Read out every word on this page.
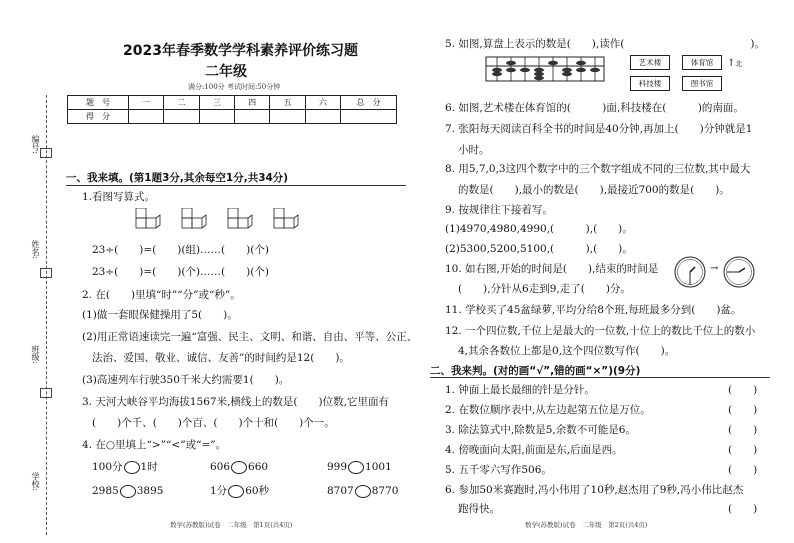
编号:
姓名:
班级:
学校:
2023年春季数学学科素养评价练习题
二年级
满分:100分 考试时间:50分钟
题　号	一	二	三	四	五	六	总　分
得　分							
一、我来填。(第1题3分,其余每空1分,共34分)
1.看图写算式。
23÷(　　)=(　　)(组)……(　　)(个)
23÷(　　)=(　　)(个)……(　　)(个)
2. 在(　　)里填“时”“分”或“秒”。
(1)做一套眼保健操用了5(　　)。
(2)用正常语速读完一遍“富强、民主、文明、和谐、自由、平等、公正、
法治、爱国、敬业、诚信、友善”的时间约是12(　　)。
(3)高速列车行驶350千米大约需要1(　　)。
3. 天河大峡谷平均海拔1567米,横线上的数是(　　)位数,它里面有
(　　)个千、(　　)个百、(　　)个十和(　　)个一。
4. 在○里填上“>”“<”或“=”。
100分 1时	606 660	999 1001
2985 3895	1分 60秒	8707 8770
数学(苏教版)试卷　二年级　第1页(共4页)
5. 如图,算盘上表示的数是(　　),读作(　　　　　　　　　　　　)。
艺术楼	体育馆
科技楼	图书馆
↑北
6. 如图,艺术楼在体育馆的(　　　)面,科技楼在(　　　)的南面。
7. 张阳每天阅读百科全书的时间是40分钟,再加上(　　)分钟就是1
小时。
8. 用5,7,0,3这四个数字中的三个数字组成不同的三位数,其中最大
的数是(　　),最小的数是(　　),最接近700的数是(　　)。
9. 按规律往下接着写。
(1)4970,4980,4990,(　　　),(　　)。
(2)5300,5200,5100,(　　　),(　　)。
10. 如右图,开始的时间是(　　),结束的时间是
(　　),分针从6走到9,走了(　　)分。
→
11. 学校买了45盆绿萝,平均分给8个班,每班最多分到(　　)盆。
12. 一个四位数,千位上是最大的一位数,十位上的数比千位上的数小
4,其余各数位上都是0,这个四位数写作(　　)。
二、我来判。(对的画“√”,错的画“×”)(9分)
1. 钟面上最长最细的针是分针。	(　　)
2. 在数位顺序表中,从左边起第五位是万位。	(　　)
3. 除法算式中,除数是5,余数不可能是6。	(　　)
4. 傍晚面向太阳,前面是东,后面是西。	(　　)
5. 五千零六写作506。	(　　)
6. 参加50米赛跑时,冯小伟用了10秒,赵杰用了9秒,冯小伟比赵杰
跑得快。	(　　)
数学(苏教版)试卷　二年级　第2页(共4页)
